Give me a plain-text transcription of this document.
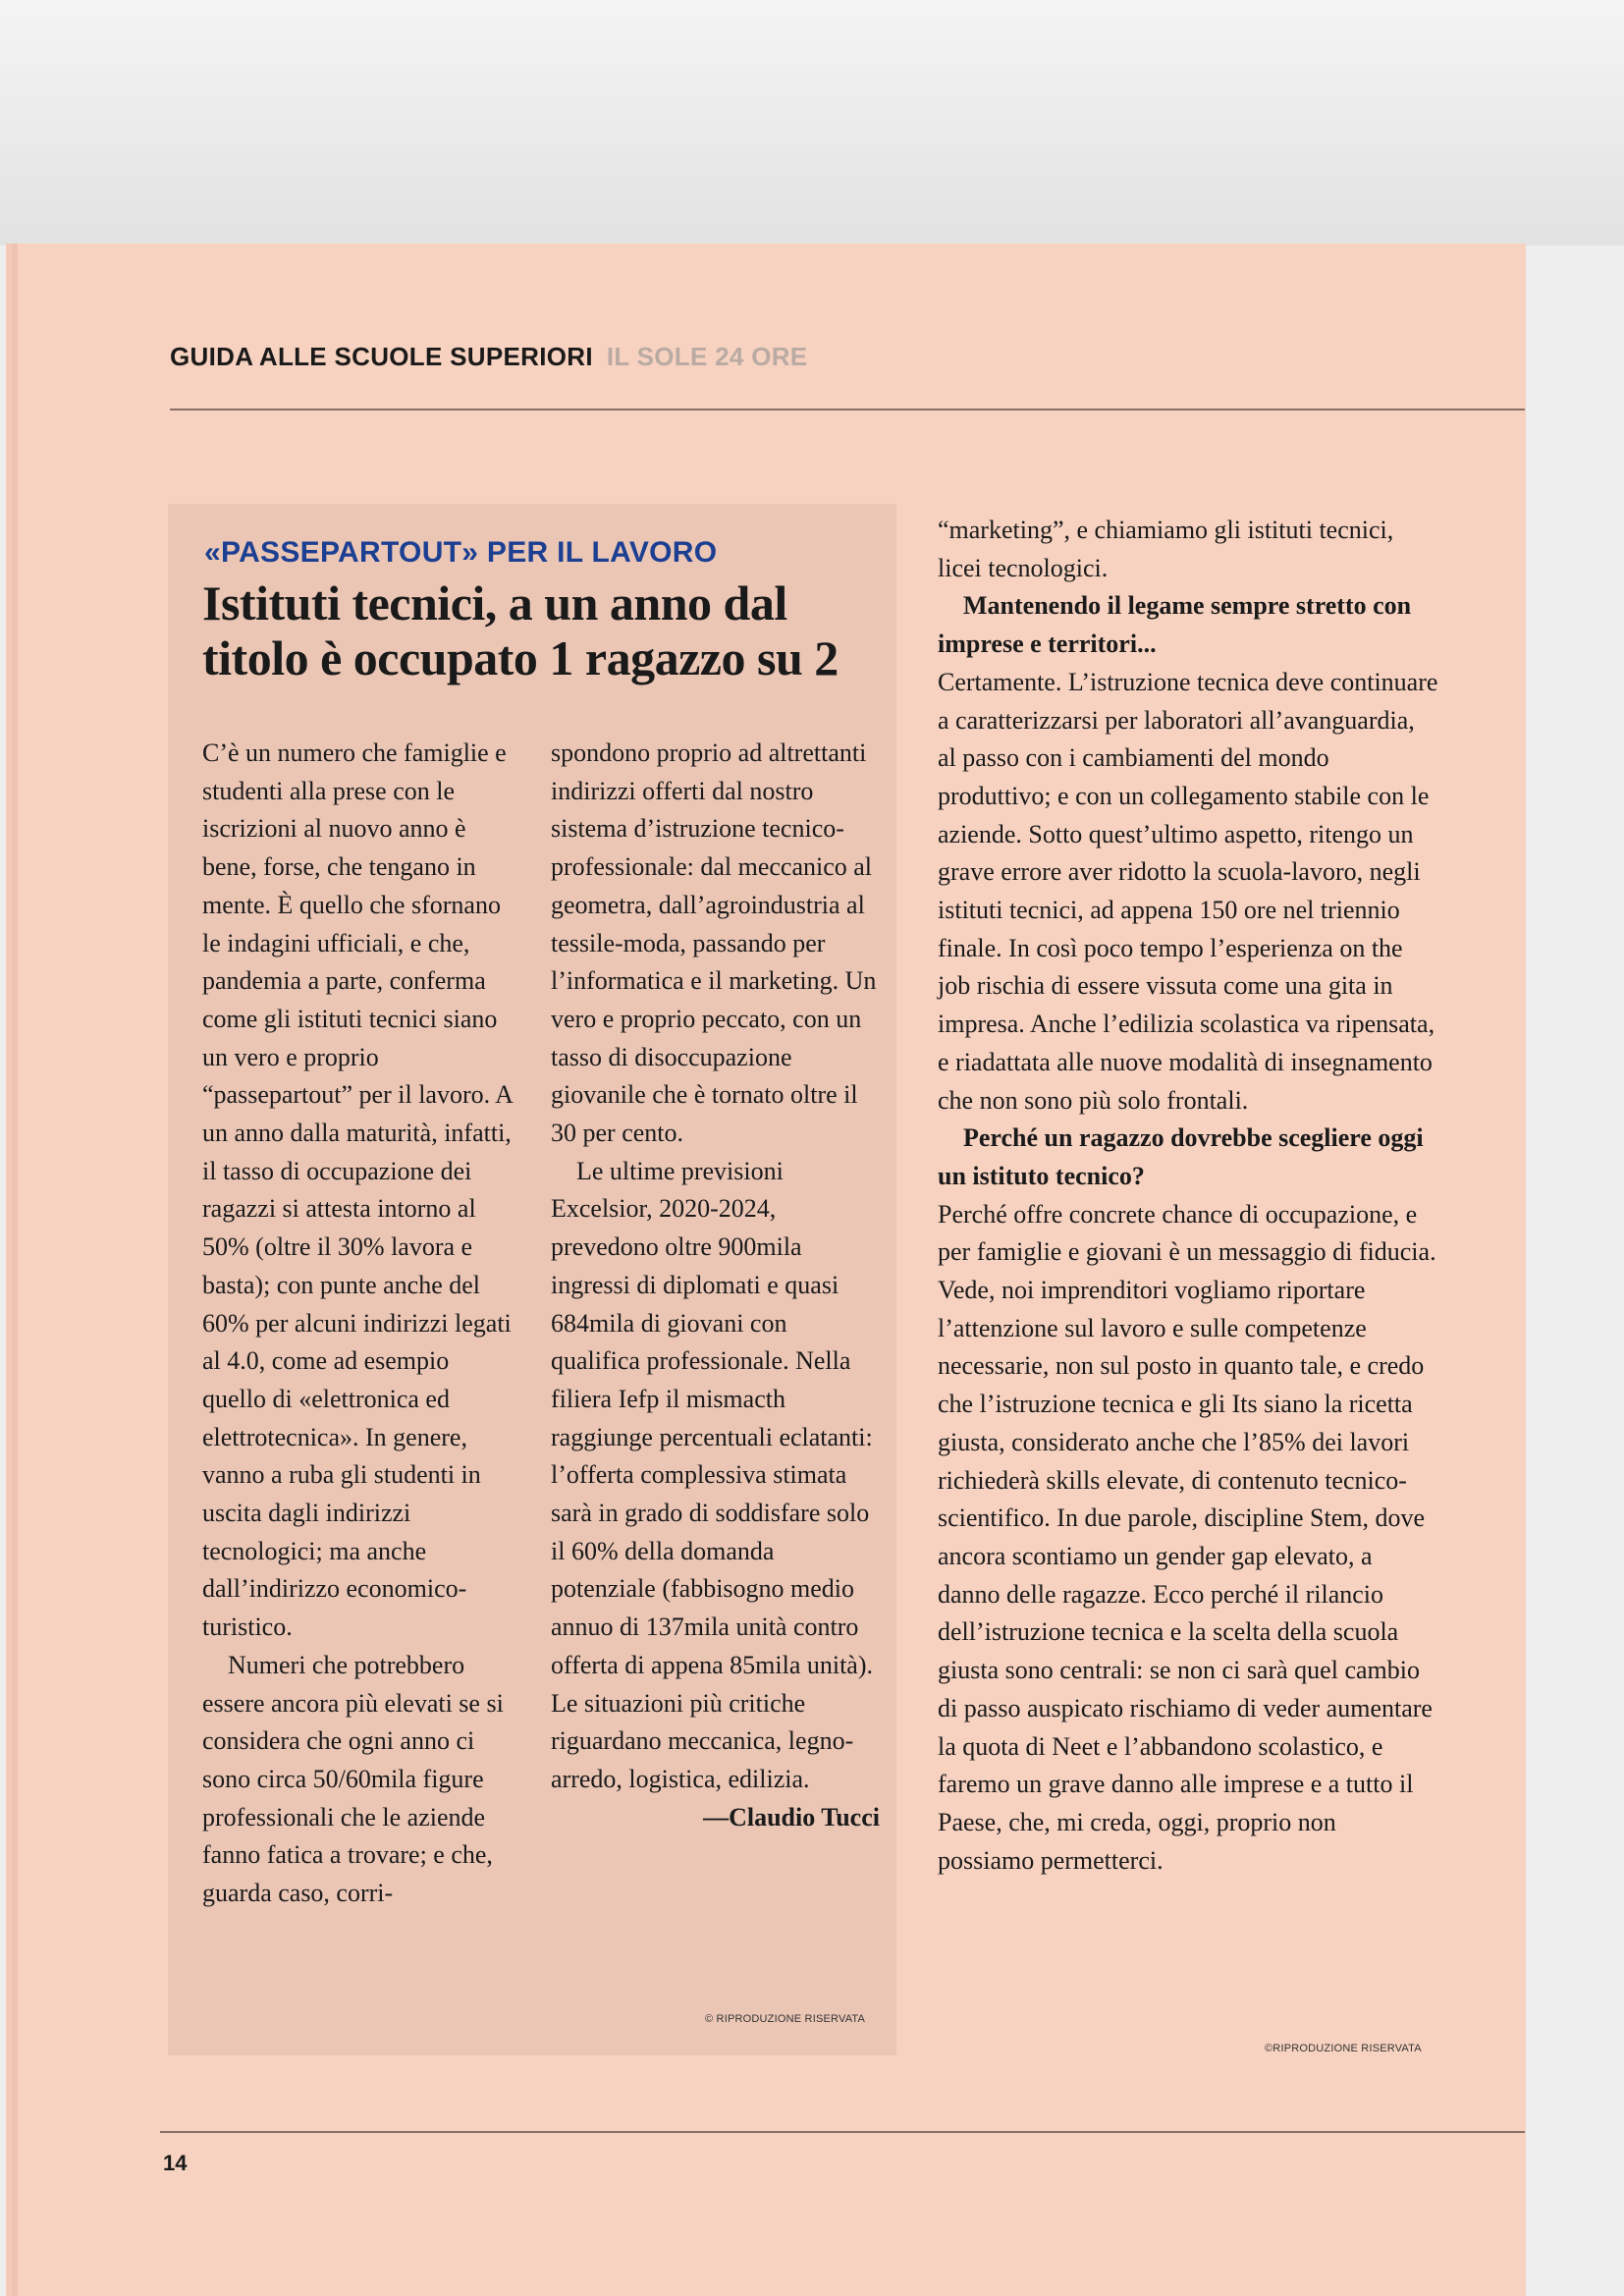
GUIDA ALLE SCUOLE SUPERIORI IL SOLE 24 ORE
«PASSEPARTOUT» PER IL LAVORO
Istituti tecnici, a un anno dal titolo è occupato 1 ragazzo su 2

C’è un numero che famiglie e studenti alla prese con le iscrizioni al nuovo anno è bene, forse, che tengano in mente. È quello che sfornano le indagini ufficiali, e che, pandemia a parte, conferma come gli istituti tecnici siano un vero e proprio “passepartout” per il lavoro. A un anno dalla maturità, infatti, il tasso di occupazione dei ragazzi si attesta intorno al 50% (oltre il 30% lavora e basta); con punte anche del 60% per alcuni indirizzi legati al 4.0, come ad esempio quello di «elettronica ed elettrotecnica». In genere, vanno a ruba gli studenti in uscita dagli indirizzi tecnologici; ma anche dall’indirizzo economico-turistico.

Numeri che potrebbero essere ancora più elevati se si considera che ogni anno ci sono circa 50/60mila figure professionali che le aziende fanno fatica a trovare; e che, guarda caso, corri-

spondono proprio ad altrettanti indirizzi offerti dal nostro sistema d’istruzione tecnico-professionale: dal meccanico al geometra, dall’agroindustria al tessile-moda, passando per l’informatica e il marketing. Un vero e proprio peccato, con un tasso di disoccupazione giovanile che è tornato oltre il 30 per cento.

Le ultime previsioni Excelsior, 2020-2024, prevedono oltre 900mila ingressi di diplomati e quasi 684mila di giovani con qualifica professionale. Nella filiera Iefp il mismacth raggiunge percentuali eclatanti: l’offerta complessiva stimata sarà in grado di soddisfare solo il 60% della domanda potenziale (fabbisogno medio annuo di 137mila unità contro offerta di appena 85mila unità). Le situazioni più critiche riguardano meccanica, legno-arredo, logistica, edilizia.

—Claudio Tucci

© RIPRODUZIONE RISERVATA

“marketing”, e chiamiamo gli istituti tecnici, licei tecnologici.

Mantenendo il legame sempre stretto con imprese e territori...

Certamente. L’istruzione tecnica deve continuare a caratterizzarsi per laboratori all’avanguardia, al passo con i cambiamenti del mondo produttivo; e con un collegamento stabile con le aziende. Sotto quest’ultimo aspetto, ritengo un grave errore aver ridotto la scuola-lavoro, negli istituti tecnici, ad appena 150 ore nel triennio finale. In così poco tempo l’esperienza on the job rischia di essere vissuta come una gita in impresa. Anche l’edilizia scolastica va ripensata, e riadattata alle nuove modalità di insegnamento che non sono più solo frontali.

Perché un ragazzo dovrebbe scegliere oggi un istituto tecnico?

Perché offre concrete chance di occupazione, e per famiglie e giovani è un messaggio di fiducia. Vede, noi imprenditori vogliamo riportare l’attenzione sul lavoro e sulle competenze necessarie, non sul posto in quanto tale, e credo che l’istruzione tecnica e gli Its siano la ricetta giusta, considerato anche che l’85% dei lavori richiederà skills elevate, di contenuto tecnico-scientifico. In due parole, discipline Stem, dove ancora scontiamo un gender gap elevato, a danno delle ragazze. Ecco perché il rilancio dell’istruzione tecnica e la scelta della scuola giusta sono centrali: se non ci sarà quel cambio di passo auspicato rischiamo di veder aumentare la quota di Neet e l’abbandono scolastico, e faremo un grave danno alle imprese e a tutto il Paese, che, mi creda, oggi, proprio non possiamo permetterci.

©RIPRODUZIONE RISERVATA
14
